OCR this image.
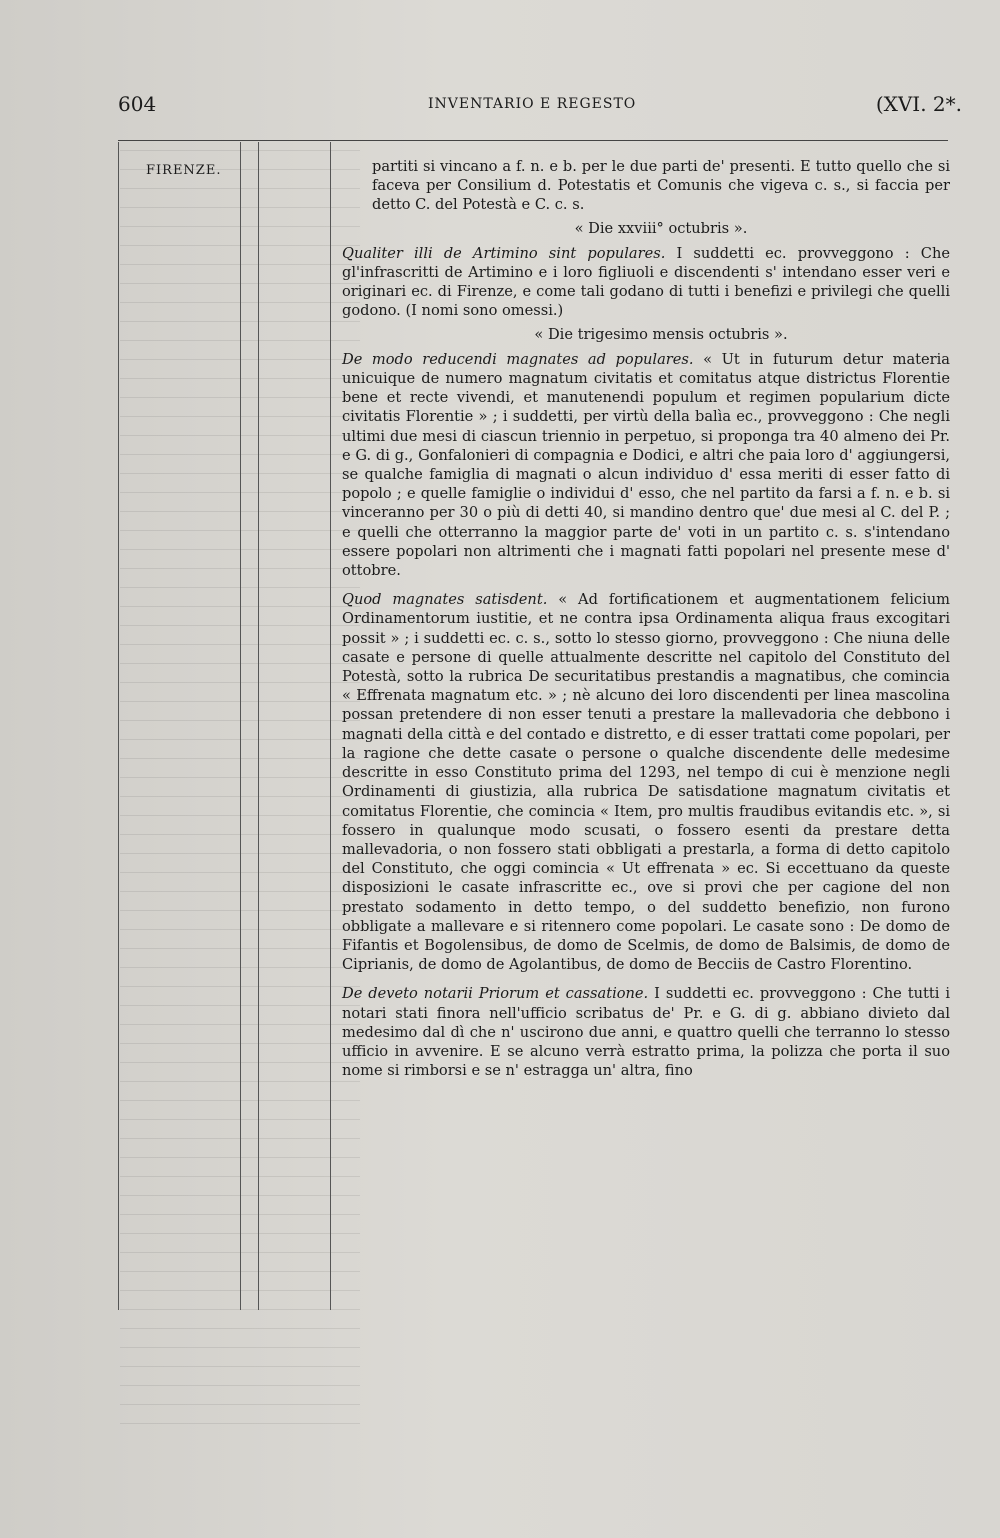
604	INVENTARIO E REGESTO	(XVI. 2*.
FIRENZE.	partiti si vincano a f. n. e b. per le due parti de' presenti. E tutto quello che si faceva per Consilium d. Potestatis et Comunis che vigeva c. s., si faccia per detto C. del Potestà e C. c. s.

« Die xxviii° octubris ».

Qualiter illi de Artimino sint populares. I suddetti ec. provveggono : Che gl'infrascritti de Artimino e i loro figliuoli e discendenti s' intendano esser veri e originari ec. di Firenze, e come tali godano di tutti i benefizi e privilegi che quelli godono. (I nomi sono omessi.)

« Die trigesimo mensis octubris ».

De modo reducendi magnates ad populares. « Ut in futurum detur materia unicuique de numero magnatum civitatis et comitatus atque districtus Florentie bene et recte vivendi, et manutenendi populum et regimen popularium dicte civitatis Florentie » ; i suddetti, per virtù della balìa ec., provveggono : Che negli ultimi due mesi di ciascun triennio in perpetuo, si proponga tra 40 almeno dei Pr. e G. di g., Gonfalonieri di compagnia e Dodici, e altri che paia loro d' aggiungersi, se qualche famiglia di magnati o alcun individuo d' essa meriti di esser fatto di popolo ; e quelle famiglie o individui d' esso, che nel partito da farsi a f. n. e b. si vinceranno per 30 o più di detti 40, si mandino dentro que' due mesi al C. del P. ; e quelli che otterranno la maggior parte de' voti in un partito c. s. s'intendano essere popolari non altrimenti che i magnati fatti popolari nel presente mese d' ottobre.

Quod magnates satisdent. « Ad fortificationem et augmentationem felicium Ordinamentorum iustitie, et ne contra ipsa Ordinamenta aliqua fraus excogitari possit » ; i suddetti ec. c. s., sotto lo stesso giorno, provveggono : Che niuna delle casate e persone di quelle attualmente descritte nel capitolo del Constituto del Potestà, sotto la rubrica De securitatibus prestandis a magnatibus, che comincia « Effrenata magnatum etc. » ; nè alcuno dei loro discendenti per linea mascolina possan pretendere di non esser tenuti a prestare la mallevadoria che debbono i magnati della città e del contado e distretto, e di esser trattati come popolari, per la ragione che dette casate o persone o qualche discendente delle medesime descritte in esso Constituto prima del 1293, nel tempo di cui è menzione negli Ordinamenti di giustizia, alla rubrica De satisdatione magnatum civitatis et comitatus Florentie, che comincia « Item, pro multis fraudibus evitandis etc. », si fossero in qualunque modo scusati, o fossero esenti da prestare detta mallevadoria, o non fossero stati obbligati a prestarla, a forma di detto capitolo del Constituto, che oggi comincia « Ut effrenata » ec. Si eccettuano da queste disposizioni le casate infrascritte ec., ove si provi che per cagione del non prestato sodamento in detto tempo, o del suddetto benefizio, non furono obbligate a mallevare e si ritennero come popolari. Le casate sono : De domo de Fifantis et Bogolensibus, de domo de Scelmis, de domo de Balsimis, de domo de Ciprianis, de domo de Agolantibus, de domo de Becciis de Castro Florentino.

De deveto notarii Priorum et cassatione. I suddetti ec. provveggono : Che tutti i notari stati finora nell'ufficio scribatus de' Pr. e G. di g. abbiano divieto dal medesimo dal dì che n' uscirono due anni, e quattro quelli che terranno lo stesso ufficio in avvenire. E se alcuno verrà estratto prima, la polizza che porta il suo nome si rimborsi e se n' estragga un' altra, fino
